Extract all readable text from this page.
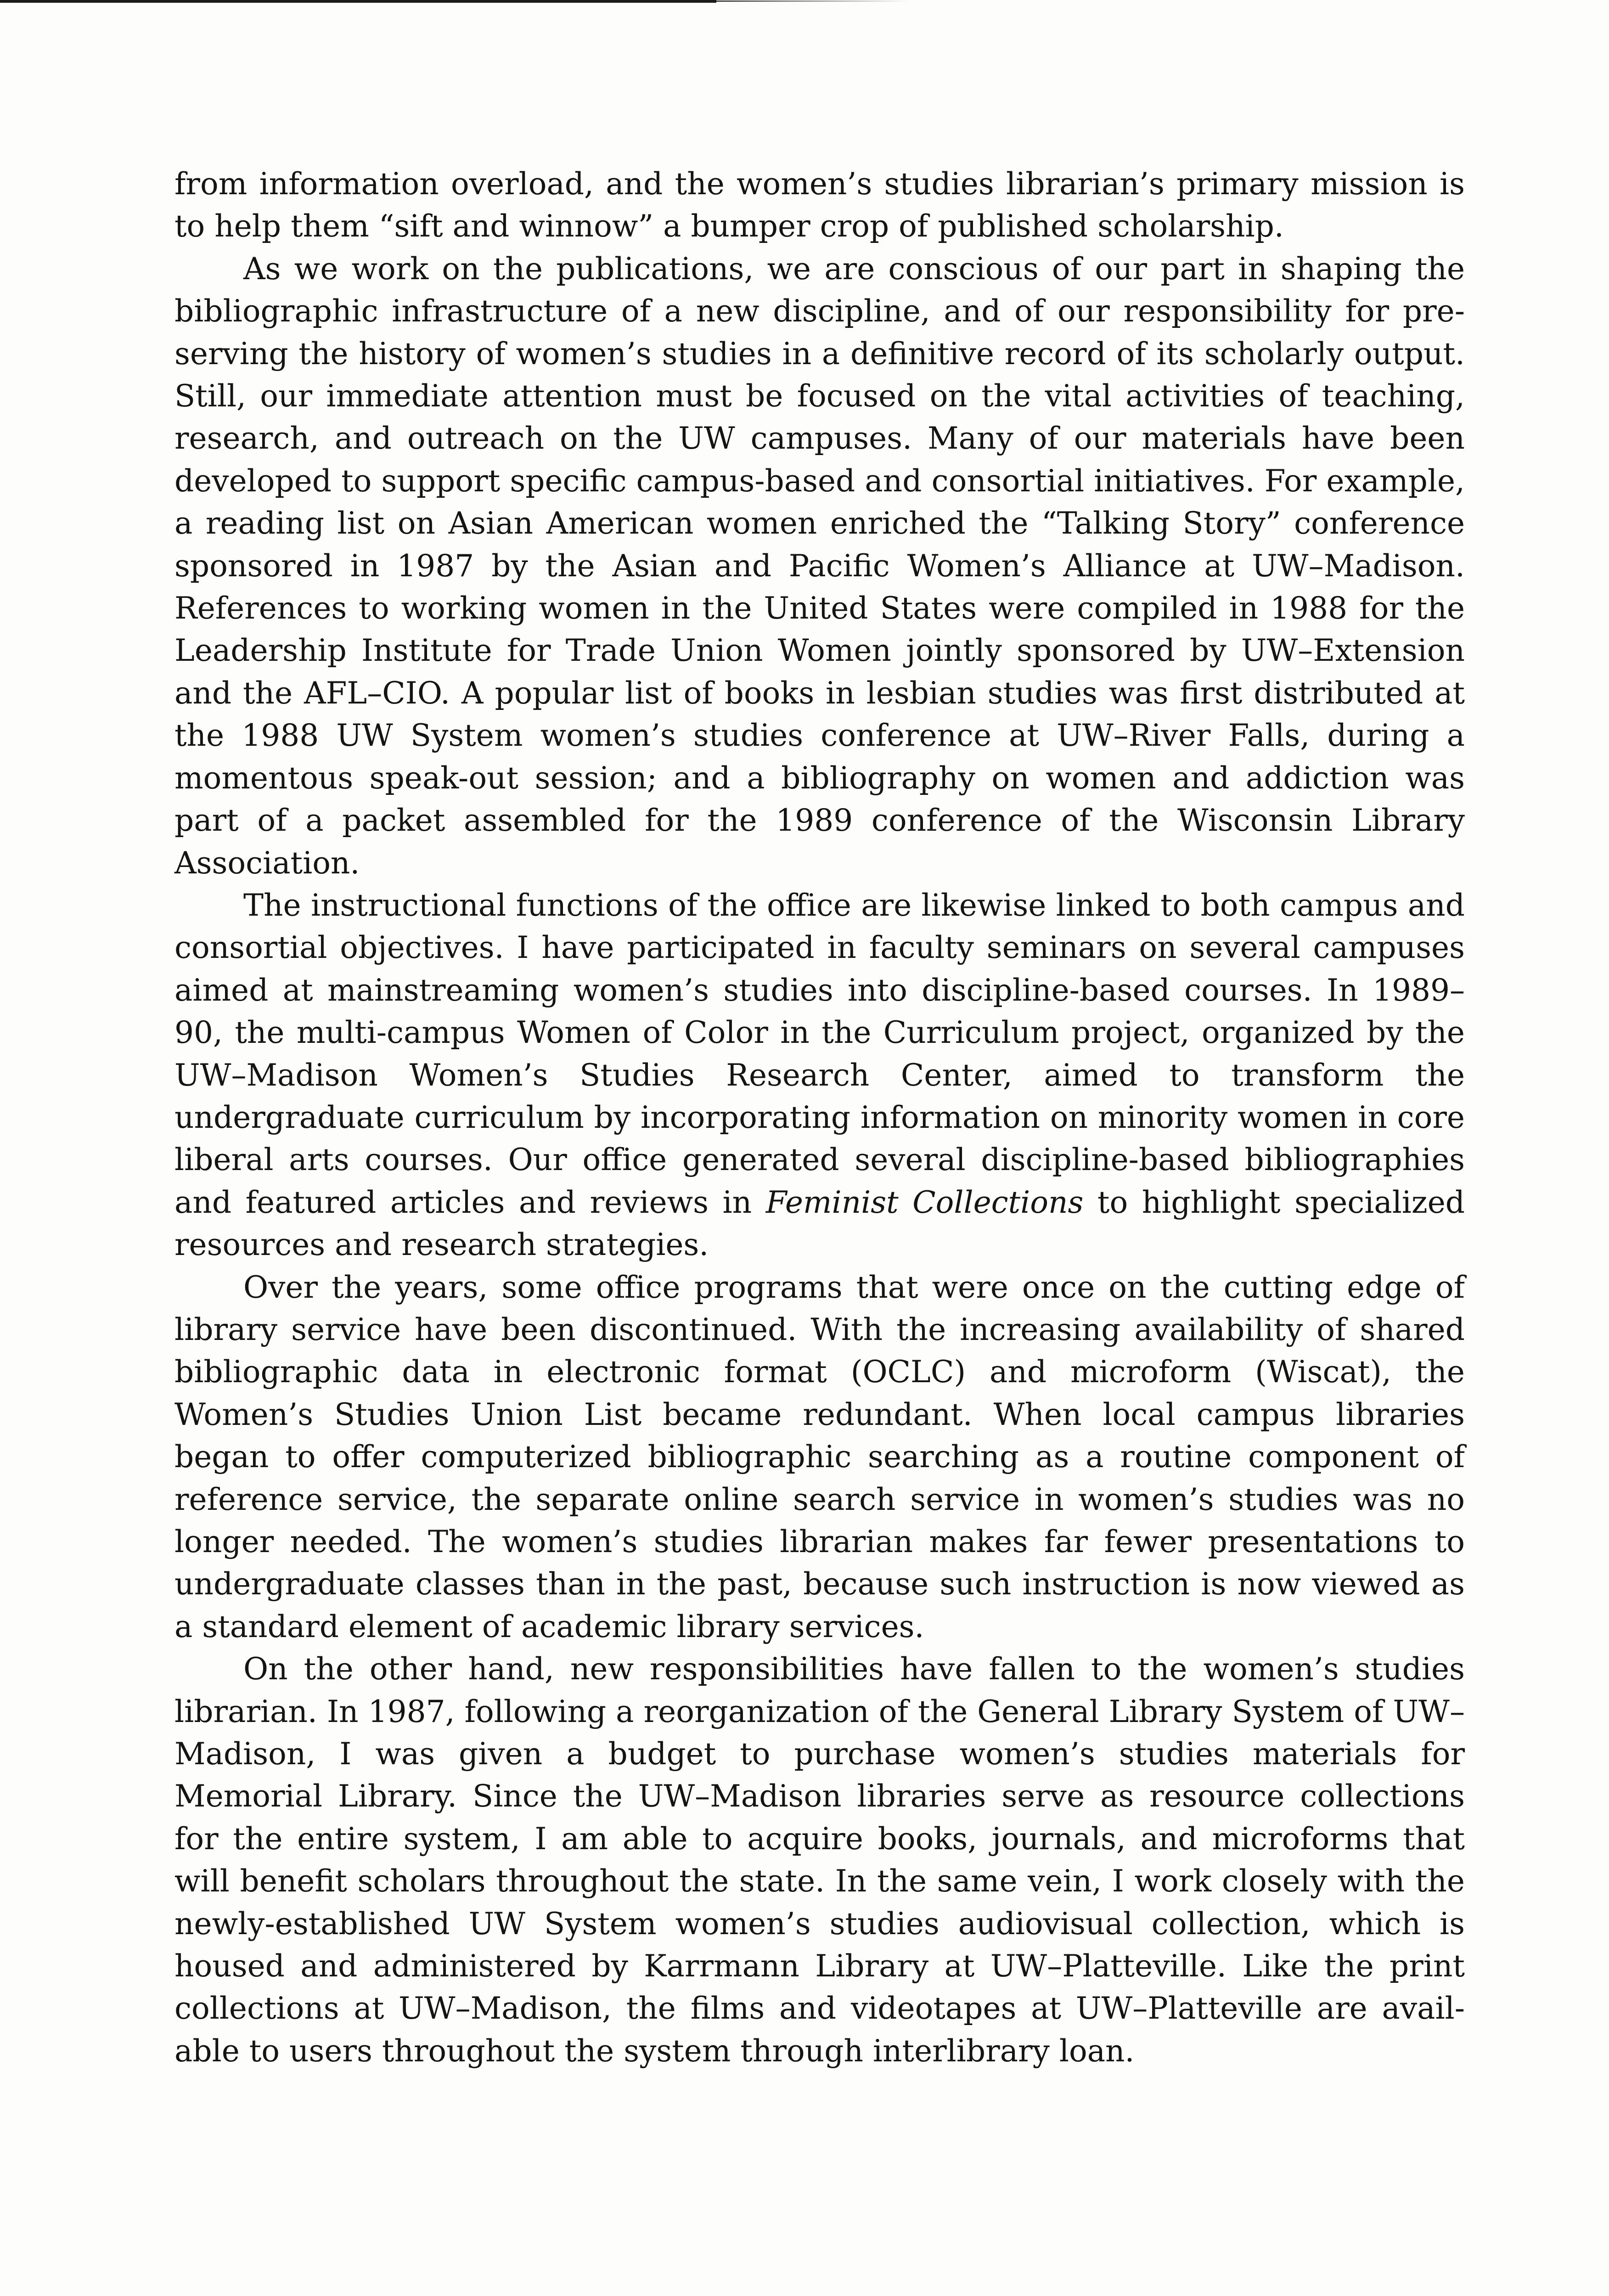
from information overload, and the women’s studies librarian’s primary mission is to help them “sift and winnow” a bumper crop of published scholarship.

As we work on the publications, we are conscious of our part in shaping the bibliographic infrastructure of a new discipline, and of our responsibility for preserving the history of women’s studies in a definitive record of its scholarly output. Still, our immediate attention must be focused on the vital activities of teaching, research, and outreach on the UW campuses. Many of our materials have been developed to support specific campus-based and consortial initiatives. For example, a reading list on Asian American women enriched the “Talking Story” conference sponsored in 1987 by the Asian and Pacific Women’s Alliance at UW–Madison. References to working women in the United States were compiled in 1988 for the Leadership Institute for Trade Union Women jointly sponsored by UW–Extension and the AFL–CIO. A popular list of books in lesbian studies was first distributed at the 1988 UW System women’s studies conference at UW–River Falls, during a momentous speak-out session; and a bibliography on women and addiction was part of a packet assembled for the 1989 conference of the Wisconsin Library Association.

The instructional functions of the office are likewise linked to both campus and consortial objectives. I have participated in faculty seminars on several campuses aimed at mainstreaming women’s studies into discipline-based courses. In 1989–90, the multi-campus Women of Color in the Curriculum project, organized by the UW–Madison Women’s Studies Research Center, aimed to transform the undergraduate curriculum by incorporating information on minority women in core liberal arts courses. Our office generated several discipline-based bibliographies and featured articles and reviews in Feminist Collections to highlight specialized resources and research strategies.

Over the years, some office programs that were once on the cutting edge of library service have been discontinued. With the increasing availability of shared bibliographic data in electronic format (OCLC) and microform (Wiscat), the Women’s Studies Union List became redundant. When local campus libraries began to offer computerized bibliographic searching as a routine component of reference service, the separate online search service in women’s studies was no longer needed. The women’s studies librarian makes far fewer presentations to undergraduate classes than in the past, because such instruction is now viewed as a standard element of academic library services.

On the other hand, new responsibilities have fallen to the women’s studies librarian. In 1987, following a reorganization of the General Library System of UW–Madison, I was given a budget to purchase women’s studies materials for Memorial Library. Since the UW–Madison libraries serve as resource collections for the entire system, I am able to acquire books, journals, and microforms that will benefit scholars throughout the state. In the same vein, I work closely with the newly-established UW System women’s studies audiovisual collection, which is housed and administered by Karrmann Library at UW–Platteville. Like the print collections at UW–Madison, the films and videotapes at UW–Platteville are available to users throughout the system through interlibrary loan.
